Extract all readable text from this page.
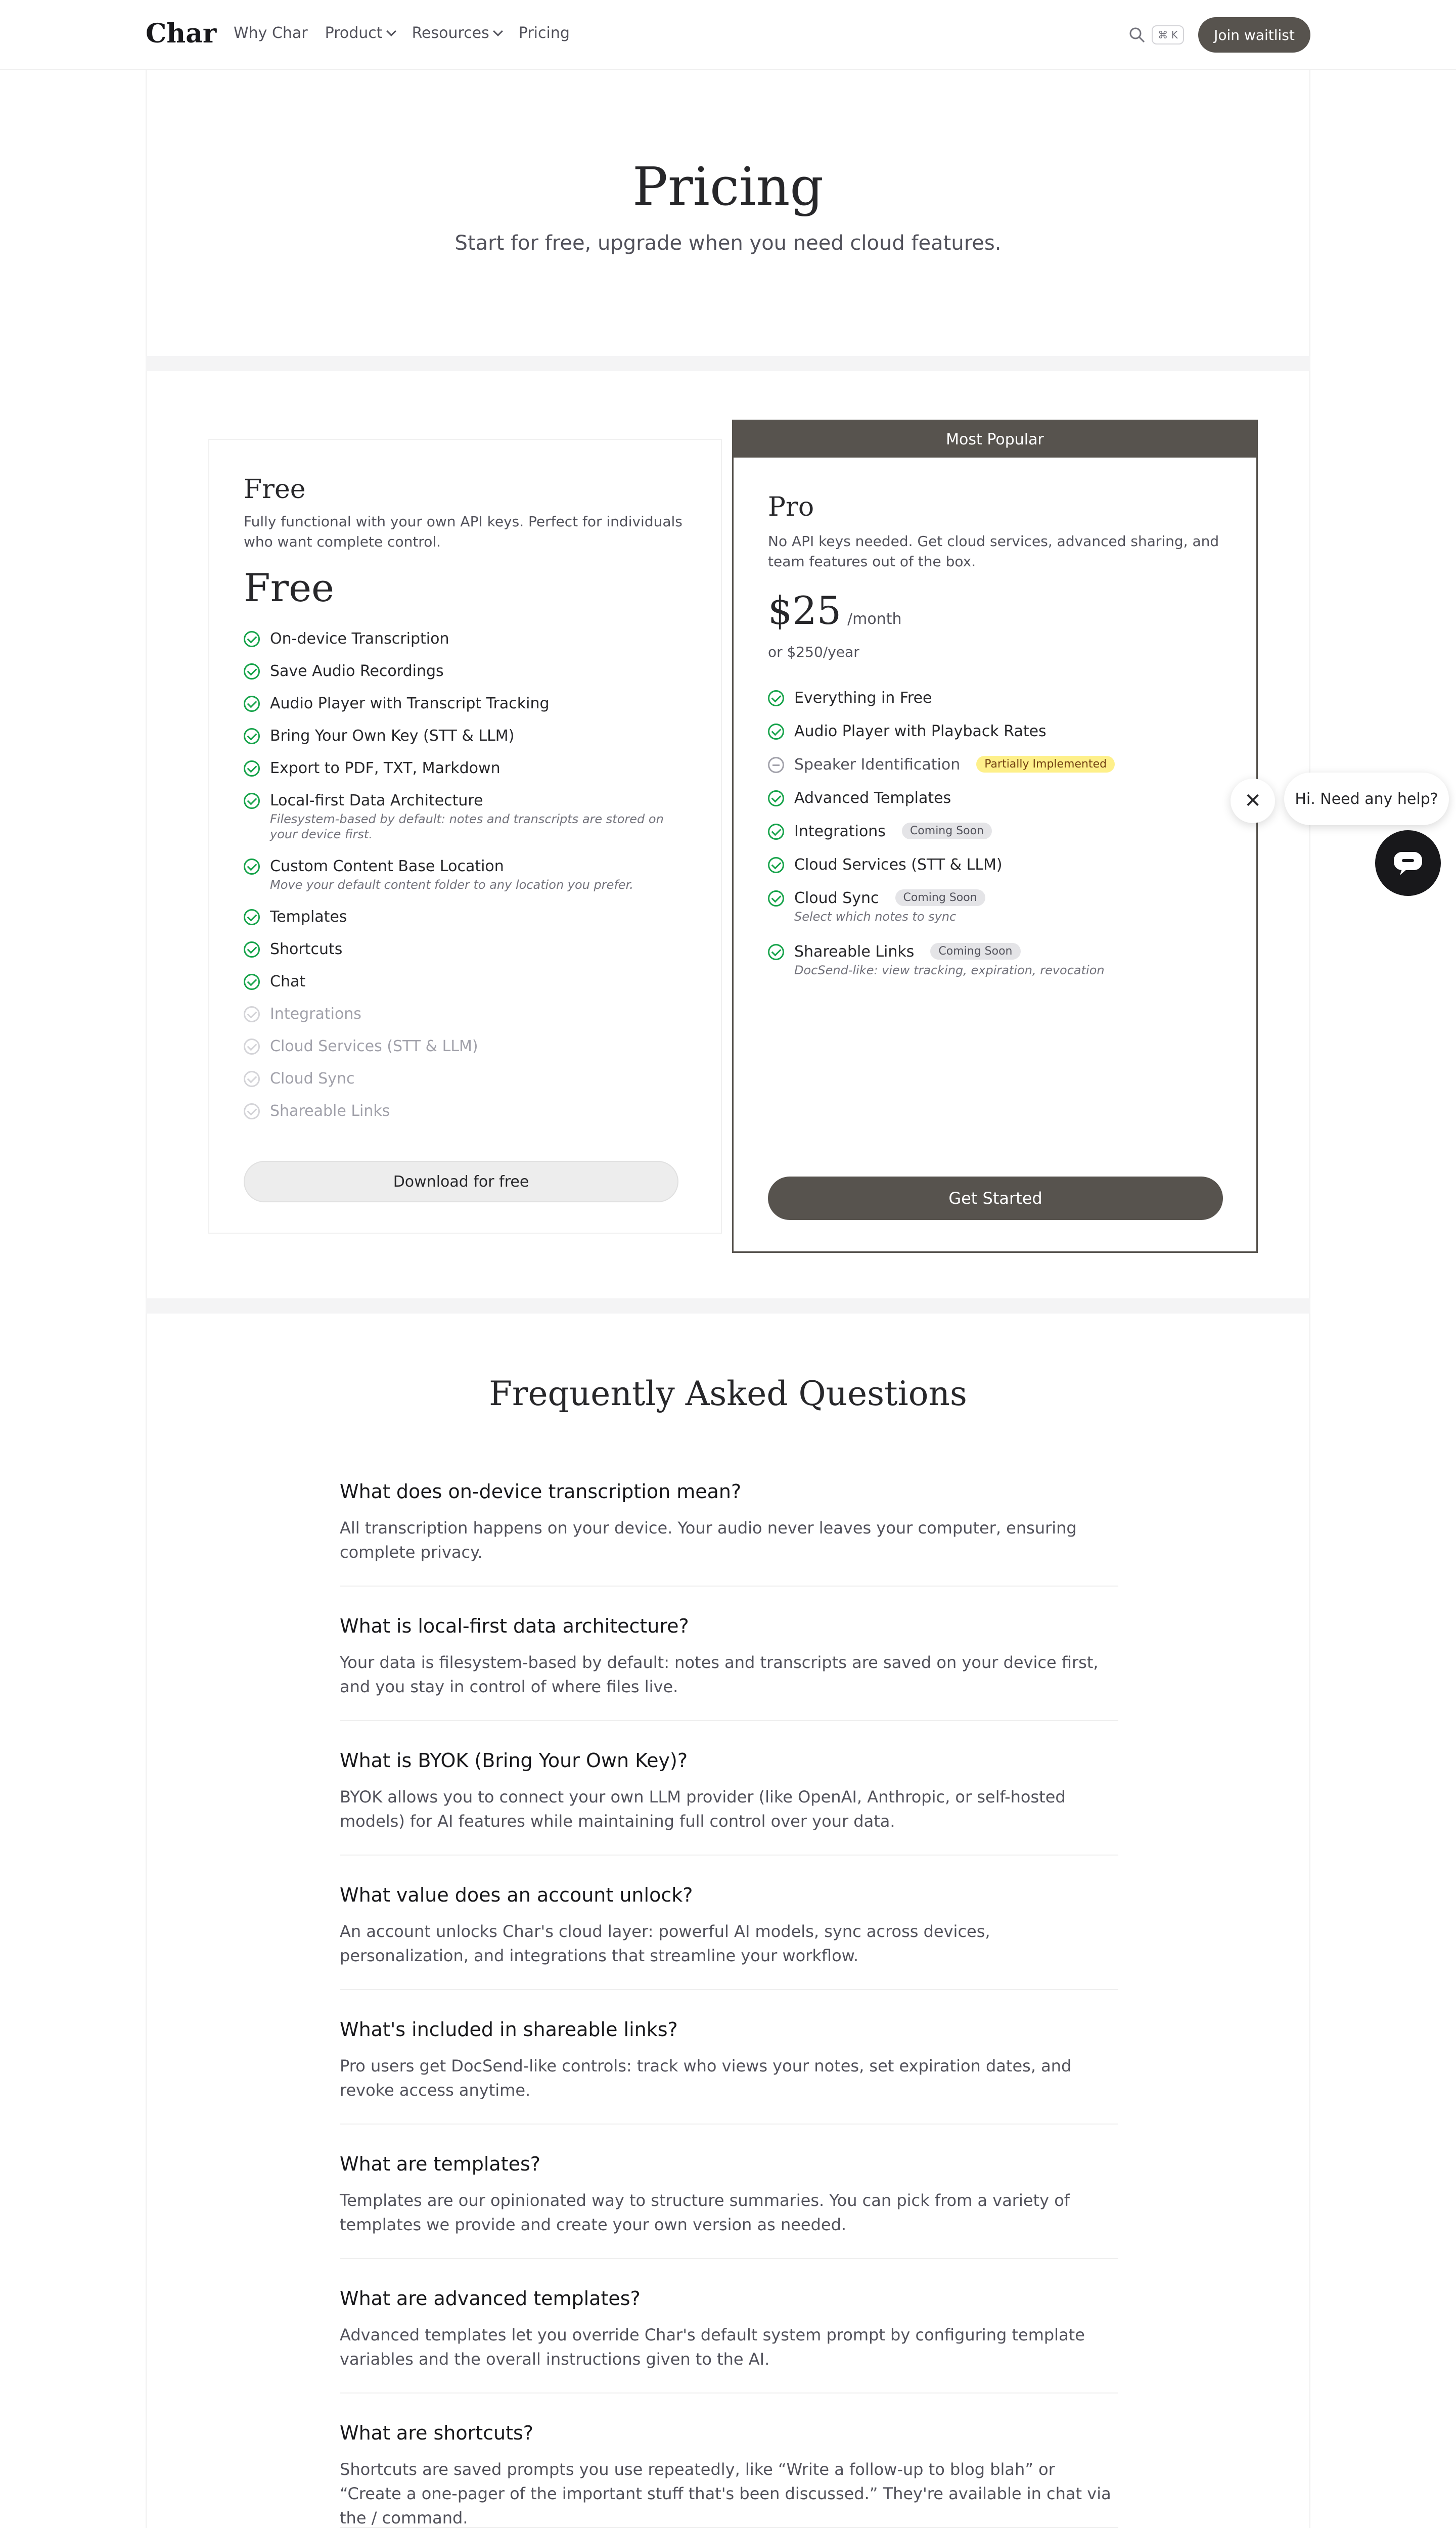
Char Why Char Product Resources Pricing	⌘ K	Join waitlist
Pricing
Start for free, upgrade when you need cloud features.
Free
Fully functional with your own API keys. Perfect for individuals who want complete control.
Free
On-device Transcription
Save Audio Recordings
Audio Player with Transcript Tracking
Bring Your Own Key (STT & LLM)
Export to PDF, TXT, Markdown
Local-first Data Architecture
Filesystem-based by default: notes and transcripts are stored on your device first.
Custom Content Base Location
Move your default content folder to any location you prefer.
Templates
Shortcuts
Chat
Integrations
Cloud Services (STT & LLM)
Cloud Sync
Shareable Links
Download for free
Most Popular
Pro
No API keys needed. Get cloud services, advanced sharing, and team features out of the box.
$25 /month
or $250/year
Everything in Free
Audio Player with Playback Rates
Speaker Identification	Partially Implemented
Advanced Templates
Integrations	Coming Soon
Cloud Services (STT & LLM)
Cloud Sync	Coming Soon
Select which notes to sync
Shareable Links	Coming Soon
DocSend-like: view tracking, expiration, revocation
Get Started
✕	Hi. Need any help?
Frequently Asked Questions
What does on-device transcription mean?
All transcription happens on your device. Your audio never leaves your computer, ensuring complete privacy.
What is local-first data architecture?
Your data is filesystem-based by default: notes and transcripts are saved on your device first, and you stay in control of where files live.
What is BYOK (Bring Your Own Key)?
BYOK allows you to connect your own LLM provider (like OpenAI, Anthropic, or self-hosted models) for AI features while maintaining full control over your data.
What value does an account unlock?
An account unlocks Char's cloud layer: powerful AI models, sync across devices, personalization, and integrations that streamline your workflow.
What's included in shareable links?
Pro users get DocSend-like controls: track who views your notes, set expiration dates, and revoke access anytime.
What are templates?
Templates are our opinionated way to structure summaries. You can pick from a variety of templates we provide and create your own version as needed.
What are advanced templates?
Advanced templates let you override Char's default system prompt by configuring template variables and the overall instructions given to the AI.
What are shortcuts?
Shortcuts are saved prompts you use repeatedly, like “Write a follow-up to blog blah” or “Create a one-pager of the important stuff that's been discussed.” They're available in chat via the / command.
